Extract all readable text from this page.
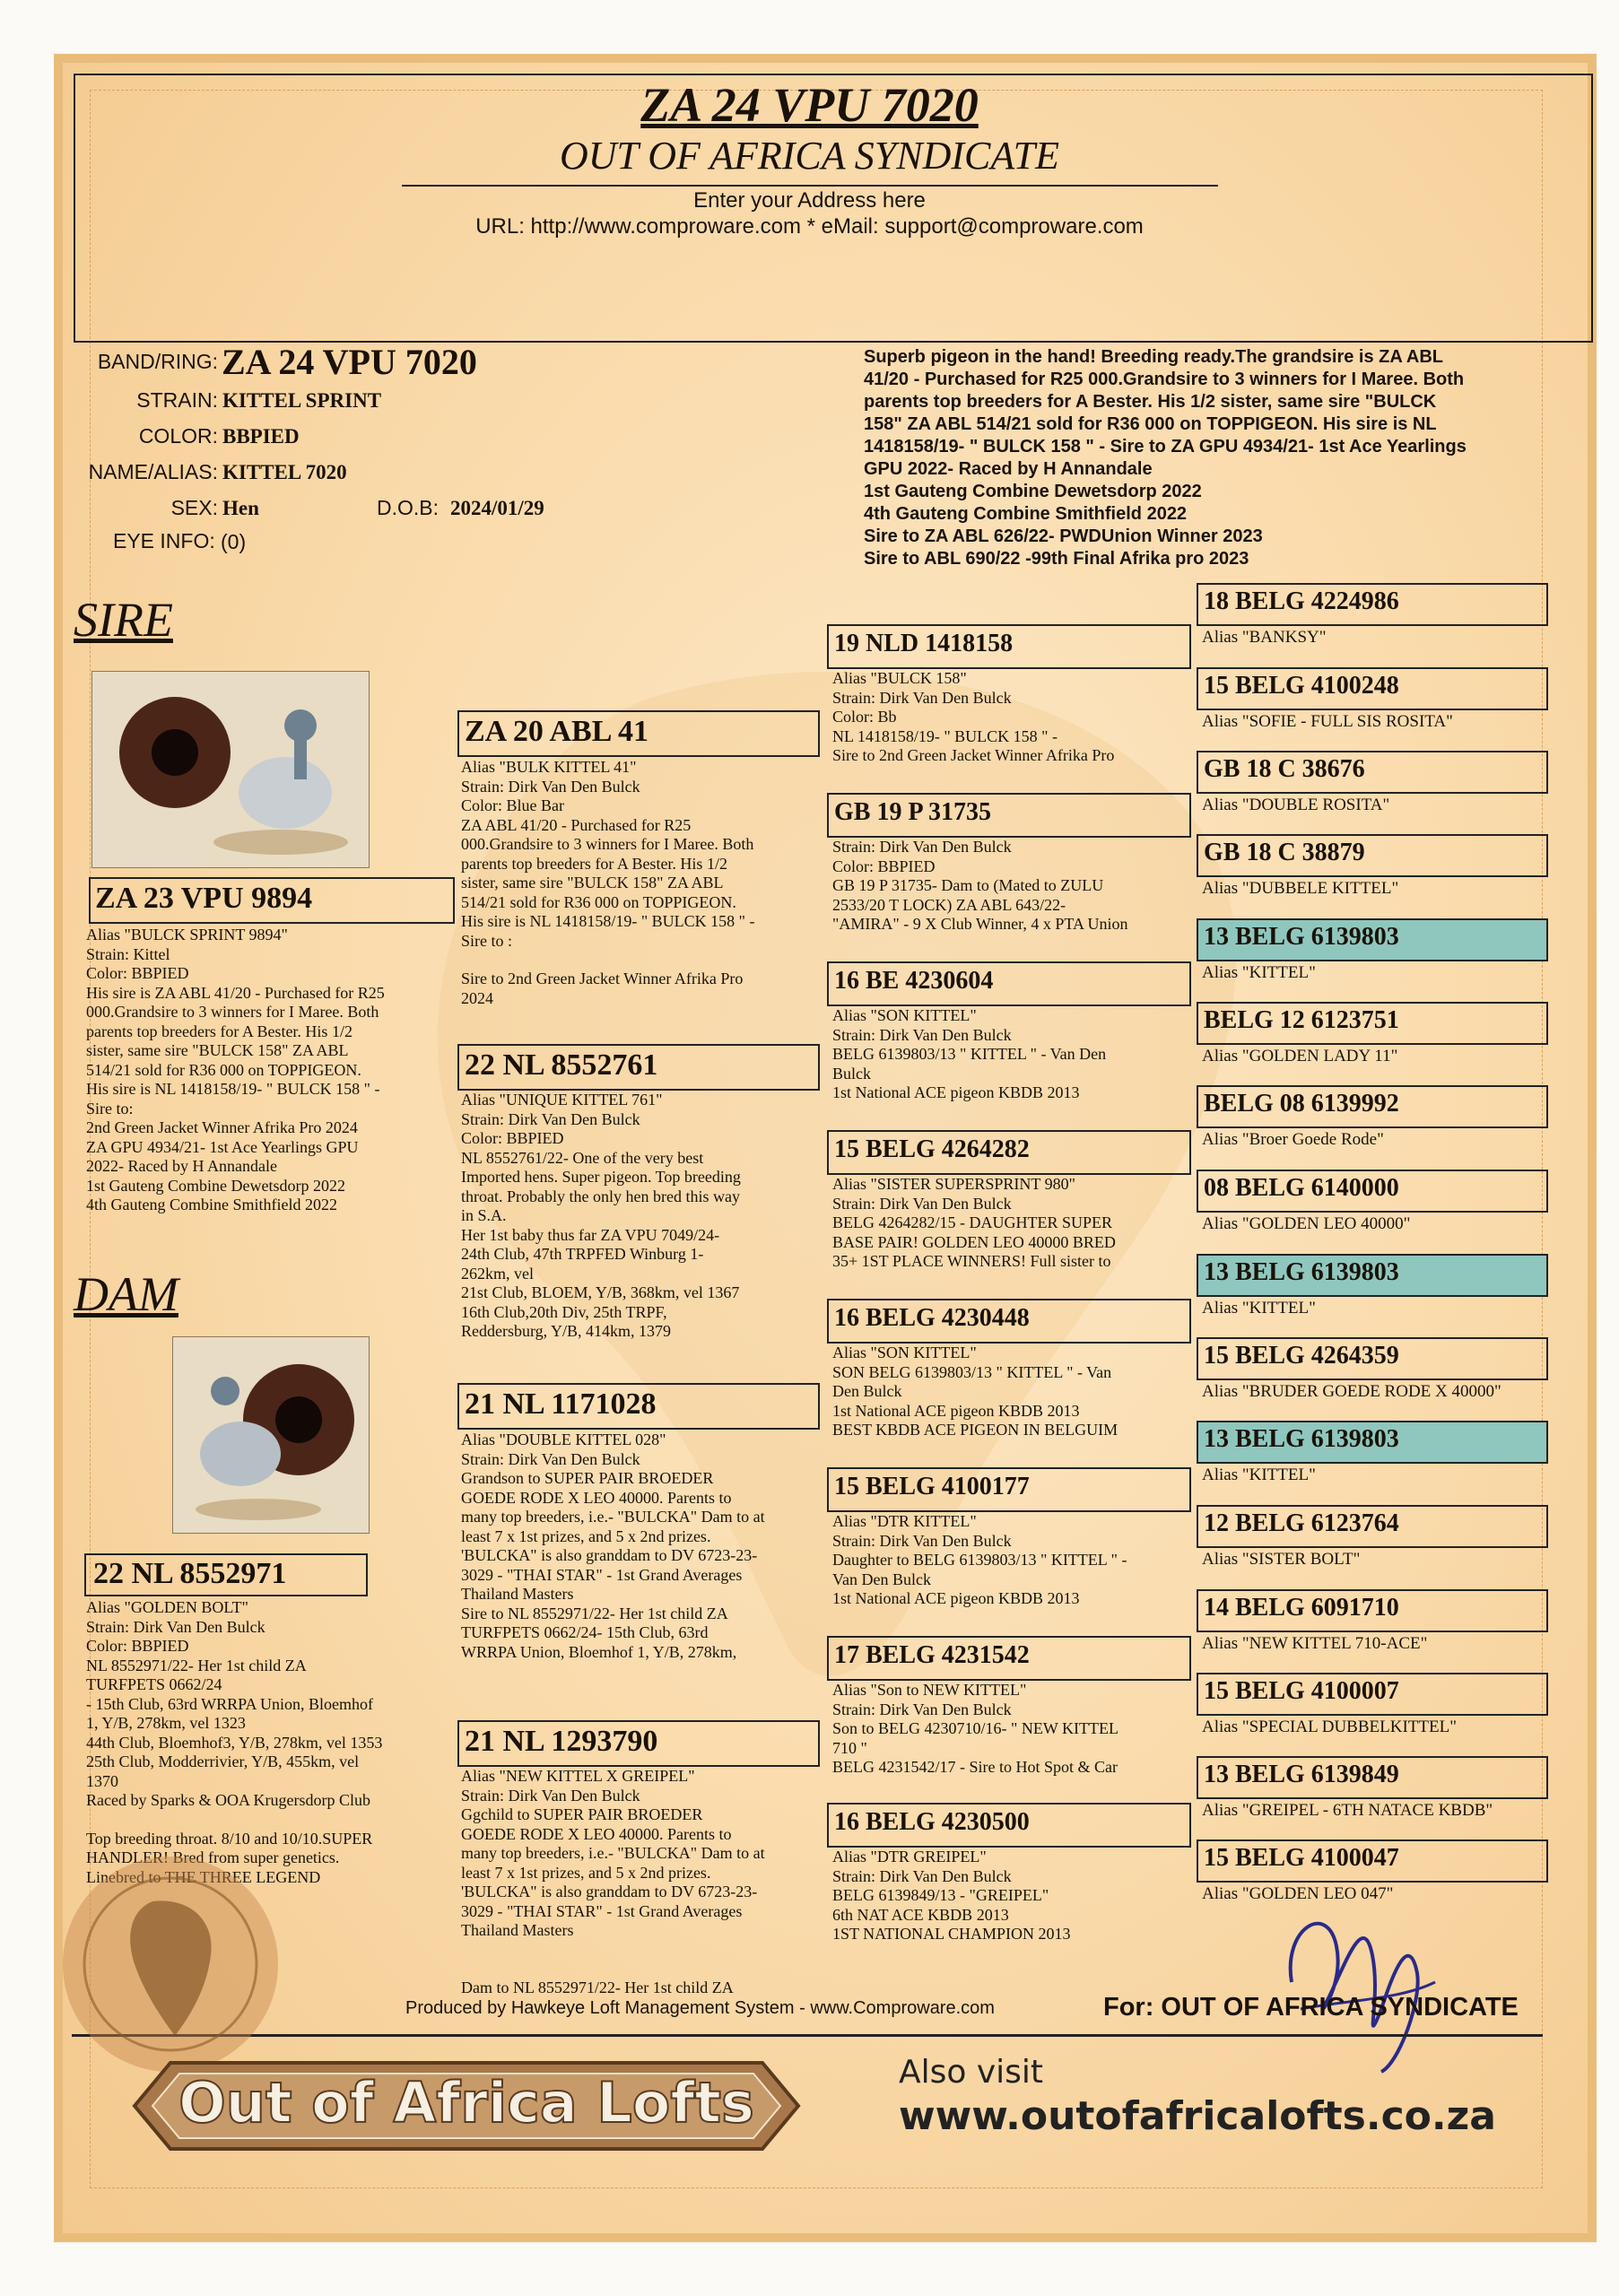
ZA 24 VPU 7020
OUT OF AFRICA SYNDICATE
Enter your Address here
URL: http://www.comproware.com * eMail: support@comproware.com
BAND/RING: ZA 24 VPU 7020
STRAIN: KITTEL SPRINT
COLOR: BBPIED
NAME/ALIAS: KITTEL 7020
SEX: Hen	D.O.B: 2024/01/29
EYE INFO: (0)
Superb pigeon in the hand! Breeding ready.The grandsire is ZA ABL
41/20 - Purchased for R25 000.Grandsire to 3 winners for I Maree. Both
parents top breeders for A Bester. His 1/2 sister, same sire "BULCK
158" ZA ABL 514/21 sold for R36 000 on TOPPIGEON. His sire is NL
1418158/19- " BULCK 158 " - Sire to ZA GPU 4934/21- 1st Ace Yearlings
GPU 2022- Raced by H Annandale
1st Gauteng Combine Dewetsdorp 2022
4th Gauteng Combine Smithfield 2022
Sire to ZA ABL 626/22- PWDUnion Winner 2023
Sire to ABL 690/22 -99th Final Afrika pro 2023
SIRE
ZA 23 VPU 9894
Alias "BULCK SPRINT 9894"
Strain: Kittel
Color: BBPIED
His sire is ZA ABL 41/20 - Purchased for R25
000.Grandsire to 3 winners for I Maree. Both
parents top breeders for A Bester. His 1/2
sister, same sire "BULCK 158" ZA ABL
514/21 sold for R36 000 on TOPPIGEON.
His sire is NL 1418158/19- " BULCK 158 " -
Sire to:
2nd Green Jacket Winner Afrika Pro 2024
ZA GPU 4934/21- 1st Ace Yearlings GPU
2022- Raced by H Annandale
1st Gauteng Combine Dewetsdorp 2022
4th Gauteng Combine Smithfield 2022
DAM
22 NL 8552971
Alias "GOLDEN BOLT"
Strain: Dirk Van Den Bulck
Color: BBPIED
NL 8552971/22- Her 1st child ZA
TURFPETS 0662/24
- 15th Club, 63rd WRRPA Union, Bloemhof
1, Y/B, 278km, vel 1323
44th Club, Bloemhof3, Y/B, 278km, vel 1353
25th Club, Modderrivier, Y/B, 455km, vel
1370
Raced by Sparks & OOA Krugersdorp Club
Top breeding throat. 8/10 and 10/10.SUPER
HANDLER! Bred from super genetics.
Linebred to THE THREE LEGEND
ZA 20 ABL 41
Alias "BULK KITTEL 41"
Strain: Dirk Van Den Bulck
Color: Blue Bar
ZA ABL 41/20 - Purchased for R25
000.Grandsire to 3 winners for I Maree. Both
parents top breeders for A Bester. His 1/2
sister, same sire "BULCK 158" ZA ABL
514/21 sold for R36 000 on TOPPIGEON.
His sire is NL 1418158/19- " BULCK 158 " -
Sire to :
Sire to 2nd Green Jacket Winner Afrika Pro
2024
22 NL 8552761
Alias "UNIQUE KITTEL 761"
Strain: Dirk Van Den Bulck
Color: BBPIED
NL 8552761/22- One of the very best
Imported hens. Super pigeon. Top breeding
throat. Probably the only hen bred this way
in S.A.
Her 1st baby thus far ZA VPU 7049/24-
24th Club, 47th TRPFED Winburg 1-
262km, vel
21st Club, BLOEM, Y/B, 368km, vel 1367
16th Club,20th Div, 25th TRPF,
Reddersburg, Y/B, 414km, 1379
21 NL 1171028
Alias "DOUBLE KITTEL 028"
Strain: Dirk Van Den Bulck
Grandson to SUPER PAIR BROEDER
GOEDE RODE X LEO 40000. Parents to
many top breeders, i.e.- "BULCKA" Dam to at
least 7 x 1st prizes, and 5 x 2nd prizes.
'BULCKA" is also granddam to DV 6723-23-
3029 - "THAI STAR" - 1st Grand Averages
Thailand Masters
Sire to NL 8552971/22- Her 1st child ZA
TURFPETS 0662/24- 15th Club, 63rd
WRRPA Union, Bloemhof 1, Y/B, 278km,
21 NL 1293790
Alias "NEW KITTEL X GREIPEL"
Strain: Dirk Van Den Bulck
Ggchild to SUPER PAIR BROEDER
GOEDE RODE X LEO 40000. Parents to
many top breeders, i.e.- "BULCKA" Dam to at
least 7 x 1st prizes, and 5 x 2nd prizes.
'BULCKA" is also granddam to DV 6723-23-
3029 - "THAI STAR" - 1st Grand Averages
Thailand Masters
Dam to NL 8552971/22- Her 1st child ZA
19 NLD 1418158
Alias "BULCK 158"
Strain: Dirk Van Den Bulck
Color: Bb
NL 1418158/19- " BULCK 158 " -
Sire to 2nd Green Jacket Winner Afrika Pro
GB 19 P 31735
Strain: Dirk Van Den Bulck
Color: BBPIED
GB 19 P 31735- Dam to (Mated to ZULU
2533/20 T LOCK) ZA ABL 643/22-
"AMIRA" - 9 X Club Winner, 4 x PTA Union
16 BE 4230604
Alias "SON KITTEL"
Strain: Dirk Van Den Bulck
BELG 6139803/13 " KITTEL " - Van Den
Bulck
1st National ACE pigeon KBDB 2013
15 BELG 4264282
Alias "SISTER SUPERSPRINT 980"
Strain: Dirk Van Den Bulck
BELG 4264282/15 - DAUGHTER SUPER
BASE PAIR! GOLDEN LEO 40000 BRED
35+ 1ST PLACE WINNERS! Full sister to
16 BELG 4230448
Alias "SON KITTEL"
SON BELG 6139803/13 " KITTEL " - Van
Den Bulck
1st National ACE pigeon KBDB 2013
BEST KBDB ACE PIGEON IN BELGUIM
15 BELG 4100177
Alias "DTR KITTEL"
Strain: Dirk Van Den Bulck
Daughter to BELG 6139803/13 " KITTEL " -
Van Den Bulck
1st National ACE pigeon KBDB 2013
17 BELG 4231542
Alias "Son to NEW KITTEL"
Strain: Dirk Van Den Bulck
Son to BELG 4230710/16- " NEW KITTEL
710 "
BELG 4231542/17 - Sire to Hot Spot & Car
16 BELG 4230500
Alias "DTR GREIPEL"
Strain: Dirk Van Den Bulck
BELG 6139849/13 - "GREIPEL"
6th NAT ACE KBDB 2013
1ST NATIONAL CHAMPION 2013
18 BELG 4224986
Alias "BANKSY"
15 BELG 4100248
Alias "SOFIE - FULL SIS ROSITA"
GB 18 C 38676
Alias "DOUBLE ROSITA"
GB 18 C 38879
Alias "DUBBELE KITTEL"
13 BELG 6139803
Alias "KITTEL"
BELG 12 6123751
Alias "GOLDEN LADY 11"
BELG 08 6139992
Alias "Broer Goede Rode"
08 BELG 6140000
Alias "GOLDEN LEO 40000"
13 BELG 6139803
Alias "KITTEL"
15 BELG 4264359
Alias "BRUDER GOEDE RODE X 40000"
13 BELG 6139803
Alias "KITTEL"
12 BELG 6123764
Alias "SISTER BOLT"
14 BELG 6091710
Alias "NEW KITTEL 710-ACE"
15 BELG 4100007
Alias "SPECIAL DUBBELKITTEL"
13 BELG 6139849
Alias "GREIPEL - 6TH NATACE KBDB"
15 BELG 4100047
Alias "GOLDEN LEO 047"
Produced by Hawkeye Loft Management System - www.Comproware.com	For: OUT OF AFRICA SYNDICATE
Out of Africa Lofts	Also visit
www.outofafricalofts.co.za
